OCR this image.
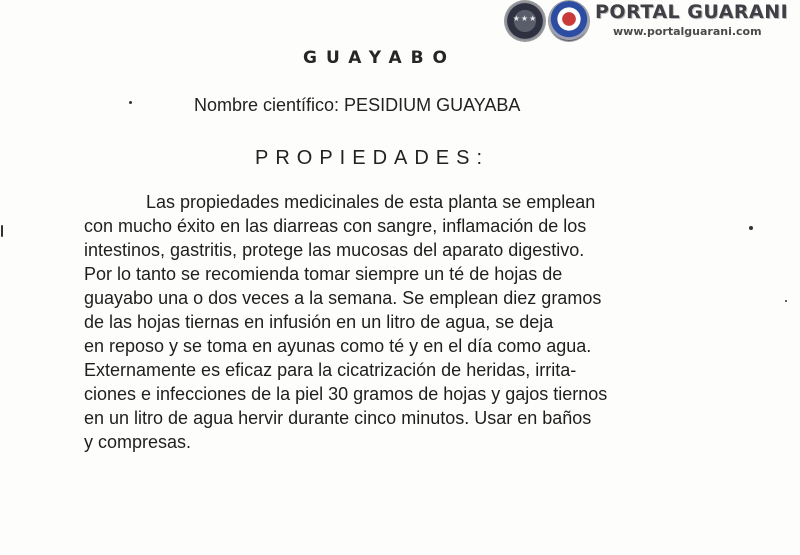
★★★	PORTAL GUARANI
www.portalguarani.com
GUAYABO
Nombre científico: PESIDIUM GUAYABA
PROPIEDADES:
Las propiedades medicinales de esta planta se emplean
con mucho éxito en las diarreas con sangre, inflamación de los
intestinos, gastritis, protege las mucosas del aparato digestivo.
Por lo tanto se recomienda tomar siempre un té de hojas de
guayabo una o dos veces a la semana. Se emplean diez gramos
de las hojas tiernas en infusión en un litro de agua, se deja
en reposo y se toma en ayunas como té y en el día como agua.
Externamente es eficaz para la cicatrización de heridas, irrita-
ciones e infecciones de la piel 30 gramos de hojas y gajos tiernos
en un litro de agua hervir durante cinco minutos. Usar en baños
y compresas.
